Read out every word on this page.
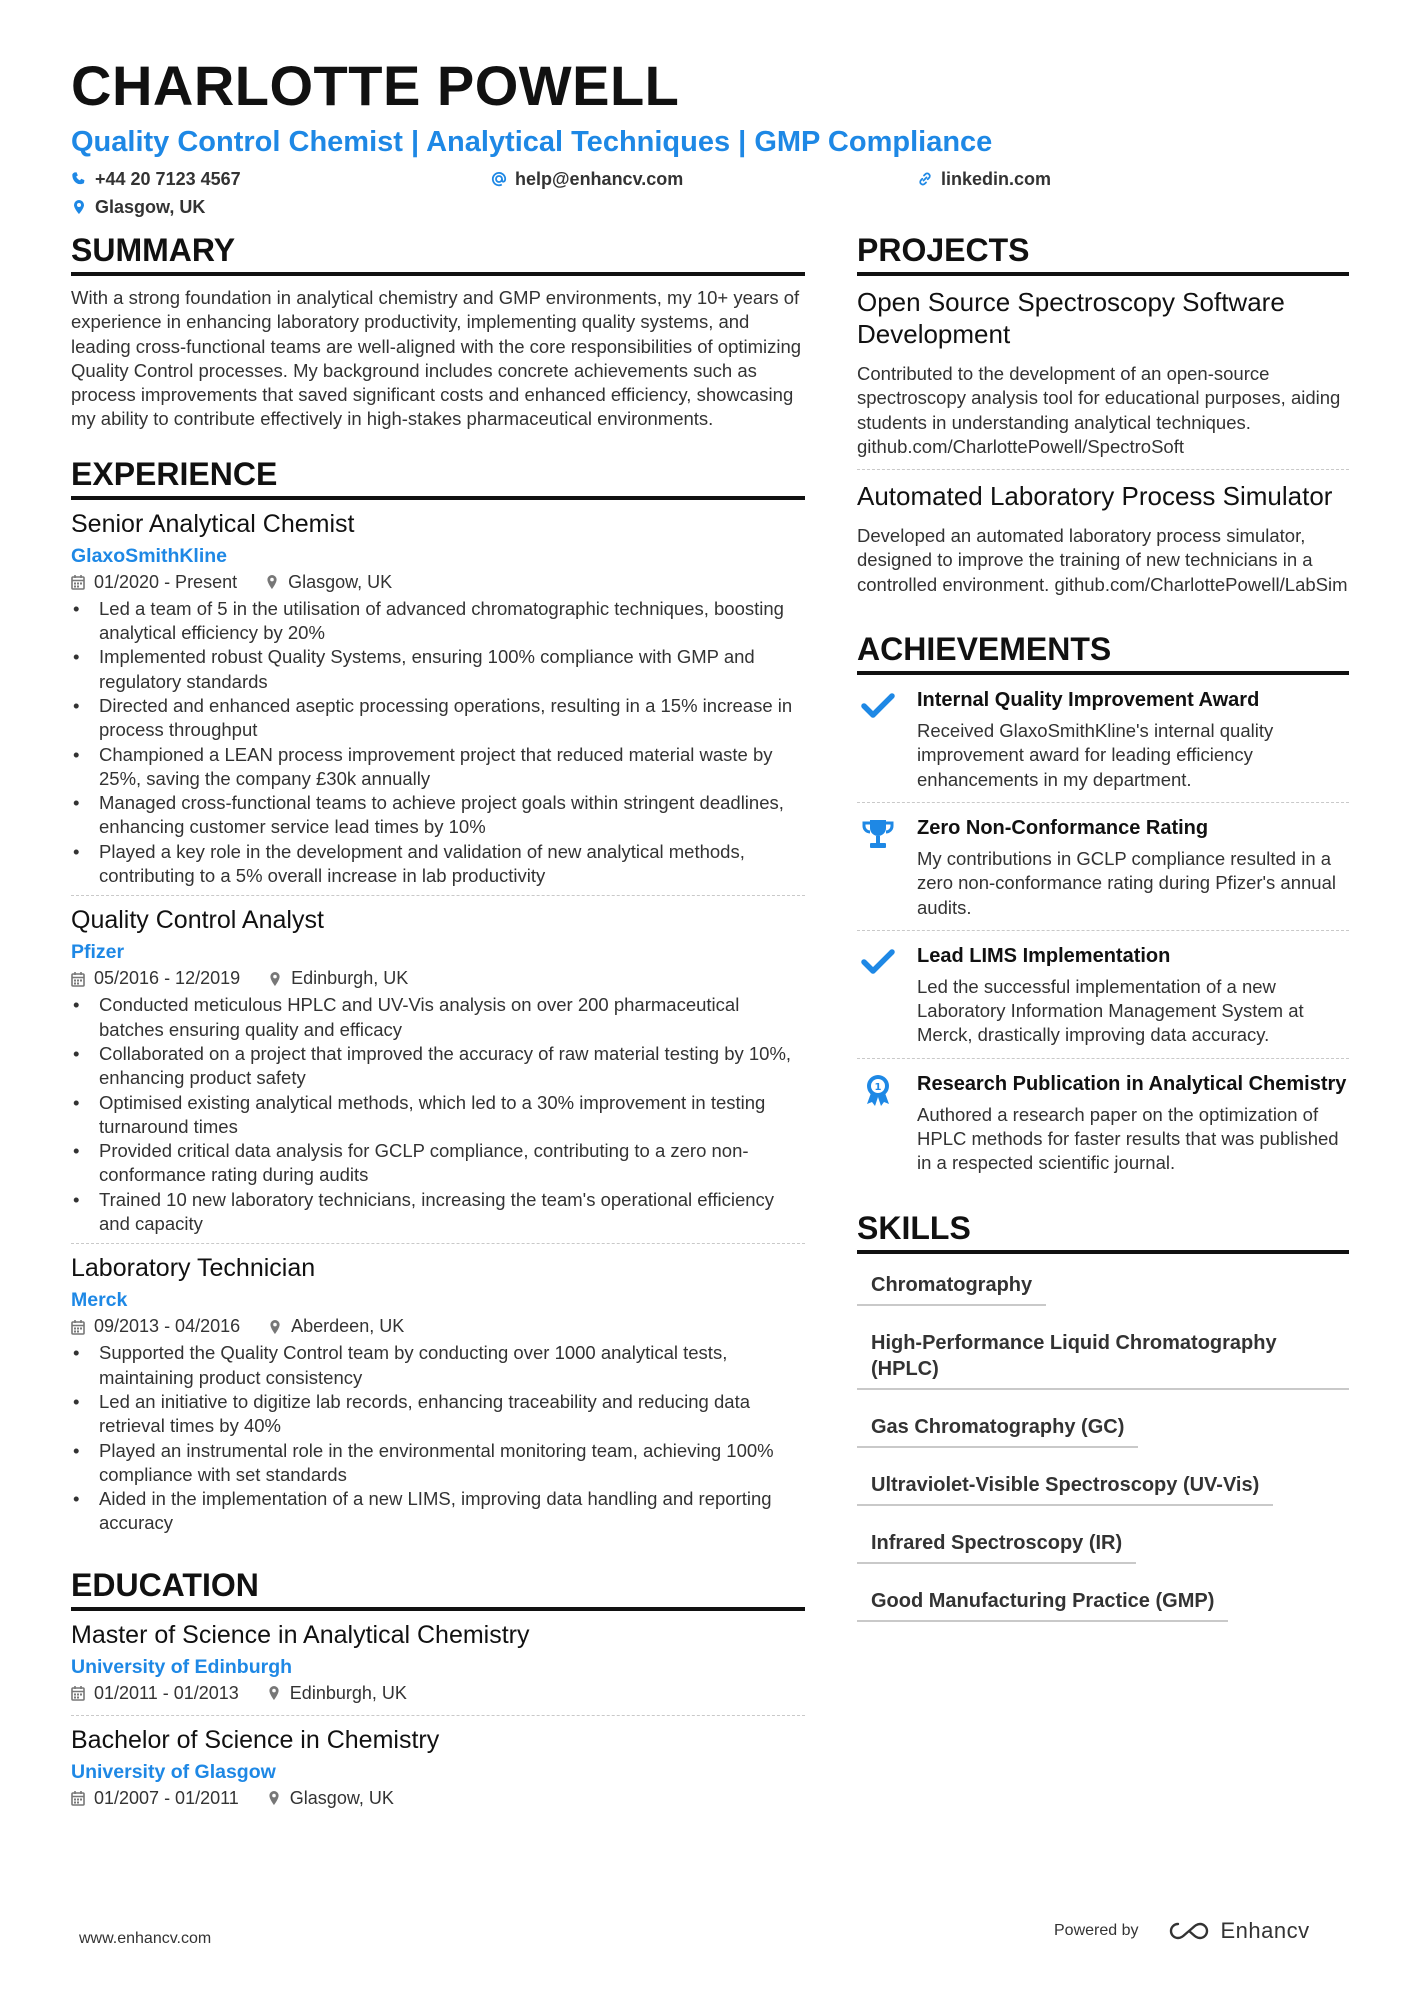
CHARLOTTE POWELL
Quality Control Chemist | Analytical Techniques | GMP Compliance
+44 20 7123 4567	help@enhancv.com	linkedin.com
Glasgow, UK
SUMMARY
With a strong foundation in analytical chemistry and GMP environments, my 10+ years of experience in enhancing laboratory productivity, implementing quality systems, and leading cross-functional teams are well-aligned with the core responsibilities of optimizing Quality Control processes. My background includes concrete achievements such as process improvements that saved significant costs and enhanced efficiency, showcasing my ability to contribute effectively in high-stakes pharmaceutical environments.
EXPERIENCE
Senior Analytical Chemist
GlaxoSmithKline
01/2020 - Present	Glasgow, UK
• Led a team of 5 in the utilisation of advanced chromatographic techniques, boosting analytical efficiency by 20%
• Implemented robust Quality Systems, ensuring 100% compliance with GMP and regulatory standards
• Directed and enhanced aseptic processing operations, resulting in a 15% increase in process throughput
• Championed a LEAN process improvement project that reduced material waste by 25%, saving the company £30k annually
• Managed cross-functional teams to achieve project goals within stringent deadlines, enhancing customer service lead times by 10%
• Played a key role in the development and validation of new analytical methods, contributing to a 5% overall increase in lab productivity
Quality Control Analyst
Pfizer
05/2016 - 12/2019	Edinburgh, UK
• Conducted meticulous HPLC and UV-Vis analysis on over 200 pharmaceutical batches ensuring quality and efficacy
• Collaborated on a project that improved the accuracy of raw material testing by 10%, enhancing product safety
• Optimised existing analytical methods, which led to a 30% improvement in testing turnaround times
• Provided critical data analysis for GCLP compliance, contributing to a zero non-conformance rating during audits
• Trained 10 new laboratory technicians, increasing the team's operational efficiency and capacity
Laboratory Technician
Merck
09/2013 - 04/2016	Aberdeen, UK
• Supported the Quality Control team by conducting over 1000 analytical tests, maintaining product consistency
• Led an initiative to digitize lab records, enhancing traceability and reducing data retrieval times by 40%
• Played an instrumental role in the environmental monitoring team, achieving 100% compliance with set standards
• Aided in the implementation of a new LIMS, improving data handling and reporting accuracy
EDUCATION
Master of Science in Analytical Chemistry
University of Edinburgh
01/2011 - 01/2013	Edinburgh, UK
Bachelor of Science in Chemistry
University of Glasgow
01/2007 - 01/2011	Glasgow, UK
PROJECTS
Open Source Spectroscopy Software Development
Contributed to the development of an open-source spectroscopy analysis tool for educational purposes, aiding students in understanding analytical techniques. github.com/CharlottePowell/SpectroSoft
Automated Laboratory Process Simulator
Developed an automated laboratory process simulator, designed to improve the training of new technicians in a controlled environment. github.com/CharlottePowell/LabSim
ACHIEVEMENTS
Internal Quality Improvement Award
Received GlaxoSmithKline's internal quality improvement award for leading efficiency enhancements in my department.
Zero Non-Conformance Rating
My contributions in GCLP compliance resulted in a zero non-conformance rating during Pfizer's annual audits.
Lead LIMS Implementation
Led the successful implementation of a new Laboratory Information Management System at Merck, drastically improving data accuracy.
1 Research Publication in Analytical Chemistry
Authored a research paper on the optimization of HPLC methods for faster results that was published in a respected scientific journal.
SKILLS
Chromatography
High-Performance Liquid Chromatography (HPLC)
Gas Chromatography (GC)
Ultraviolet-Visible Spectroscopy (UV-Vis)
Infrared Spectroscopy (IR)
Good Manufacturing Practice (GMP)
www.enhancv.com	Powered by	Enhancv
